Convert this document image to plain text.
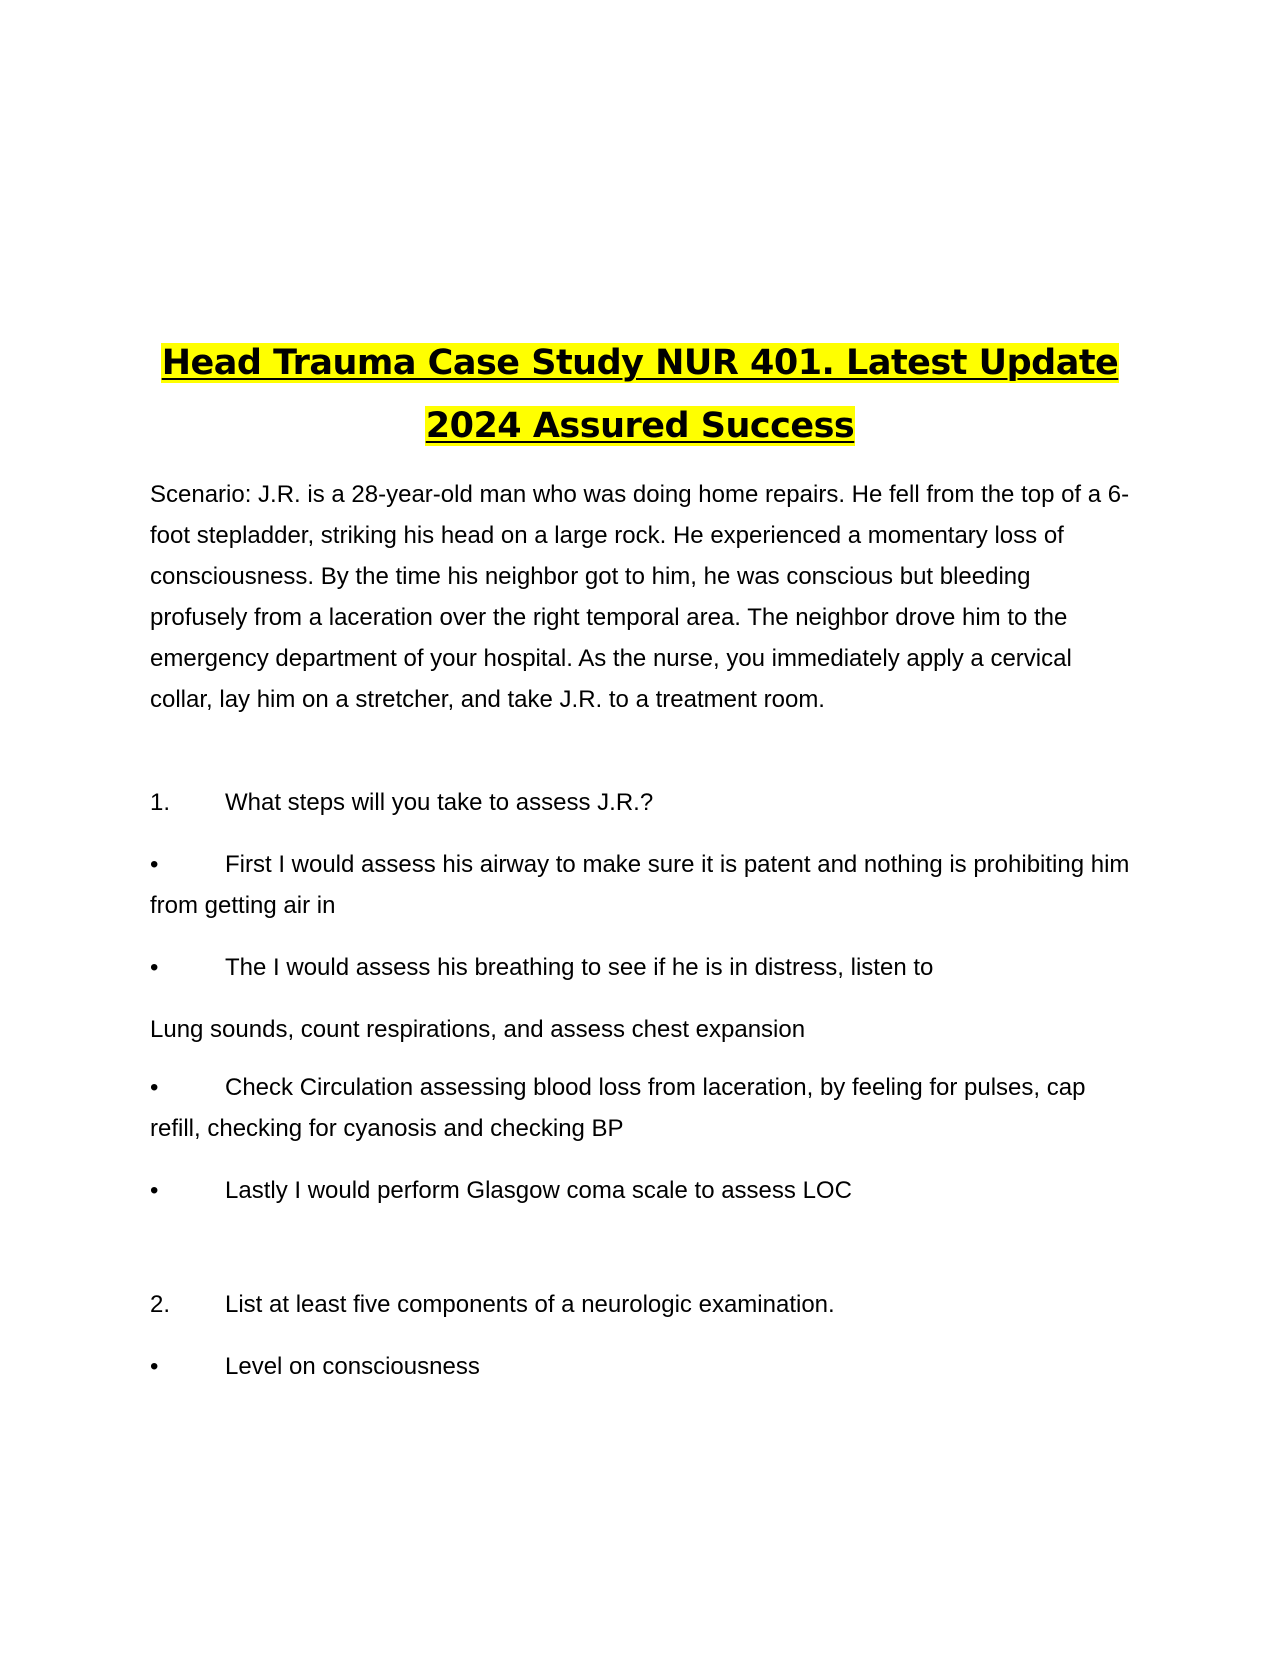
Head Trauma Case Study NUR 401. Latest Update
2024 Assured Success

Scenario: J.R. is a 28-year-old man who was doing home repairs. He fell from the top of a 6-foot stepladder, striking his head on a large rock. He experienced a momentary loss of consciousness. By the time his neighbor got to him, he was conscious but bleeding profusely from a laceration over the right temporal area. The neighbor drove him to the emergency department of your hospital. As the nurse, you immediately apply a cervical collar, lay him on a stretcher, and take J.R. to a treatment room.

1. What steps will you take to assess J.R.?
•	First I would assess his airway to make sure it is patent and nothing is prohibiting him from getting air in
•	The I would assess his breathing to see if he is in distress, listen to
Lung sounds, count respirations, and assess chest expansion
•	Check Circulation assessing blood loss from laceration, by feeling for pulses, cap refill, checking for cyanosis and checking BP
•	Lastly I would perform Glasgow coma scale to assess LOC
2. List at least five components of a neurologic examination.
•	Level on consciousness
